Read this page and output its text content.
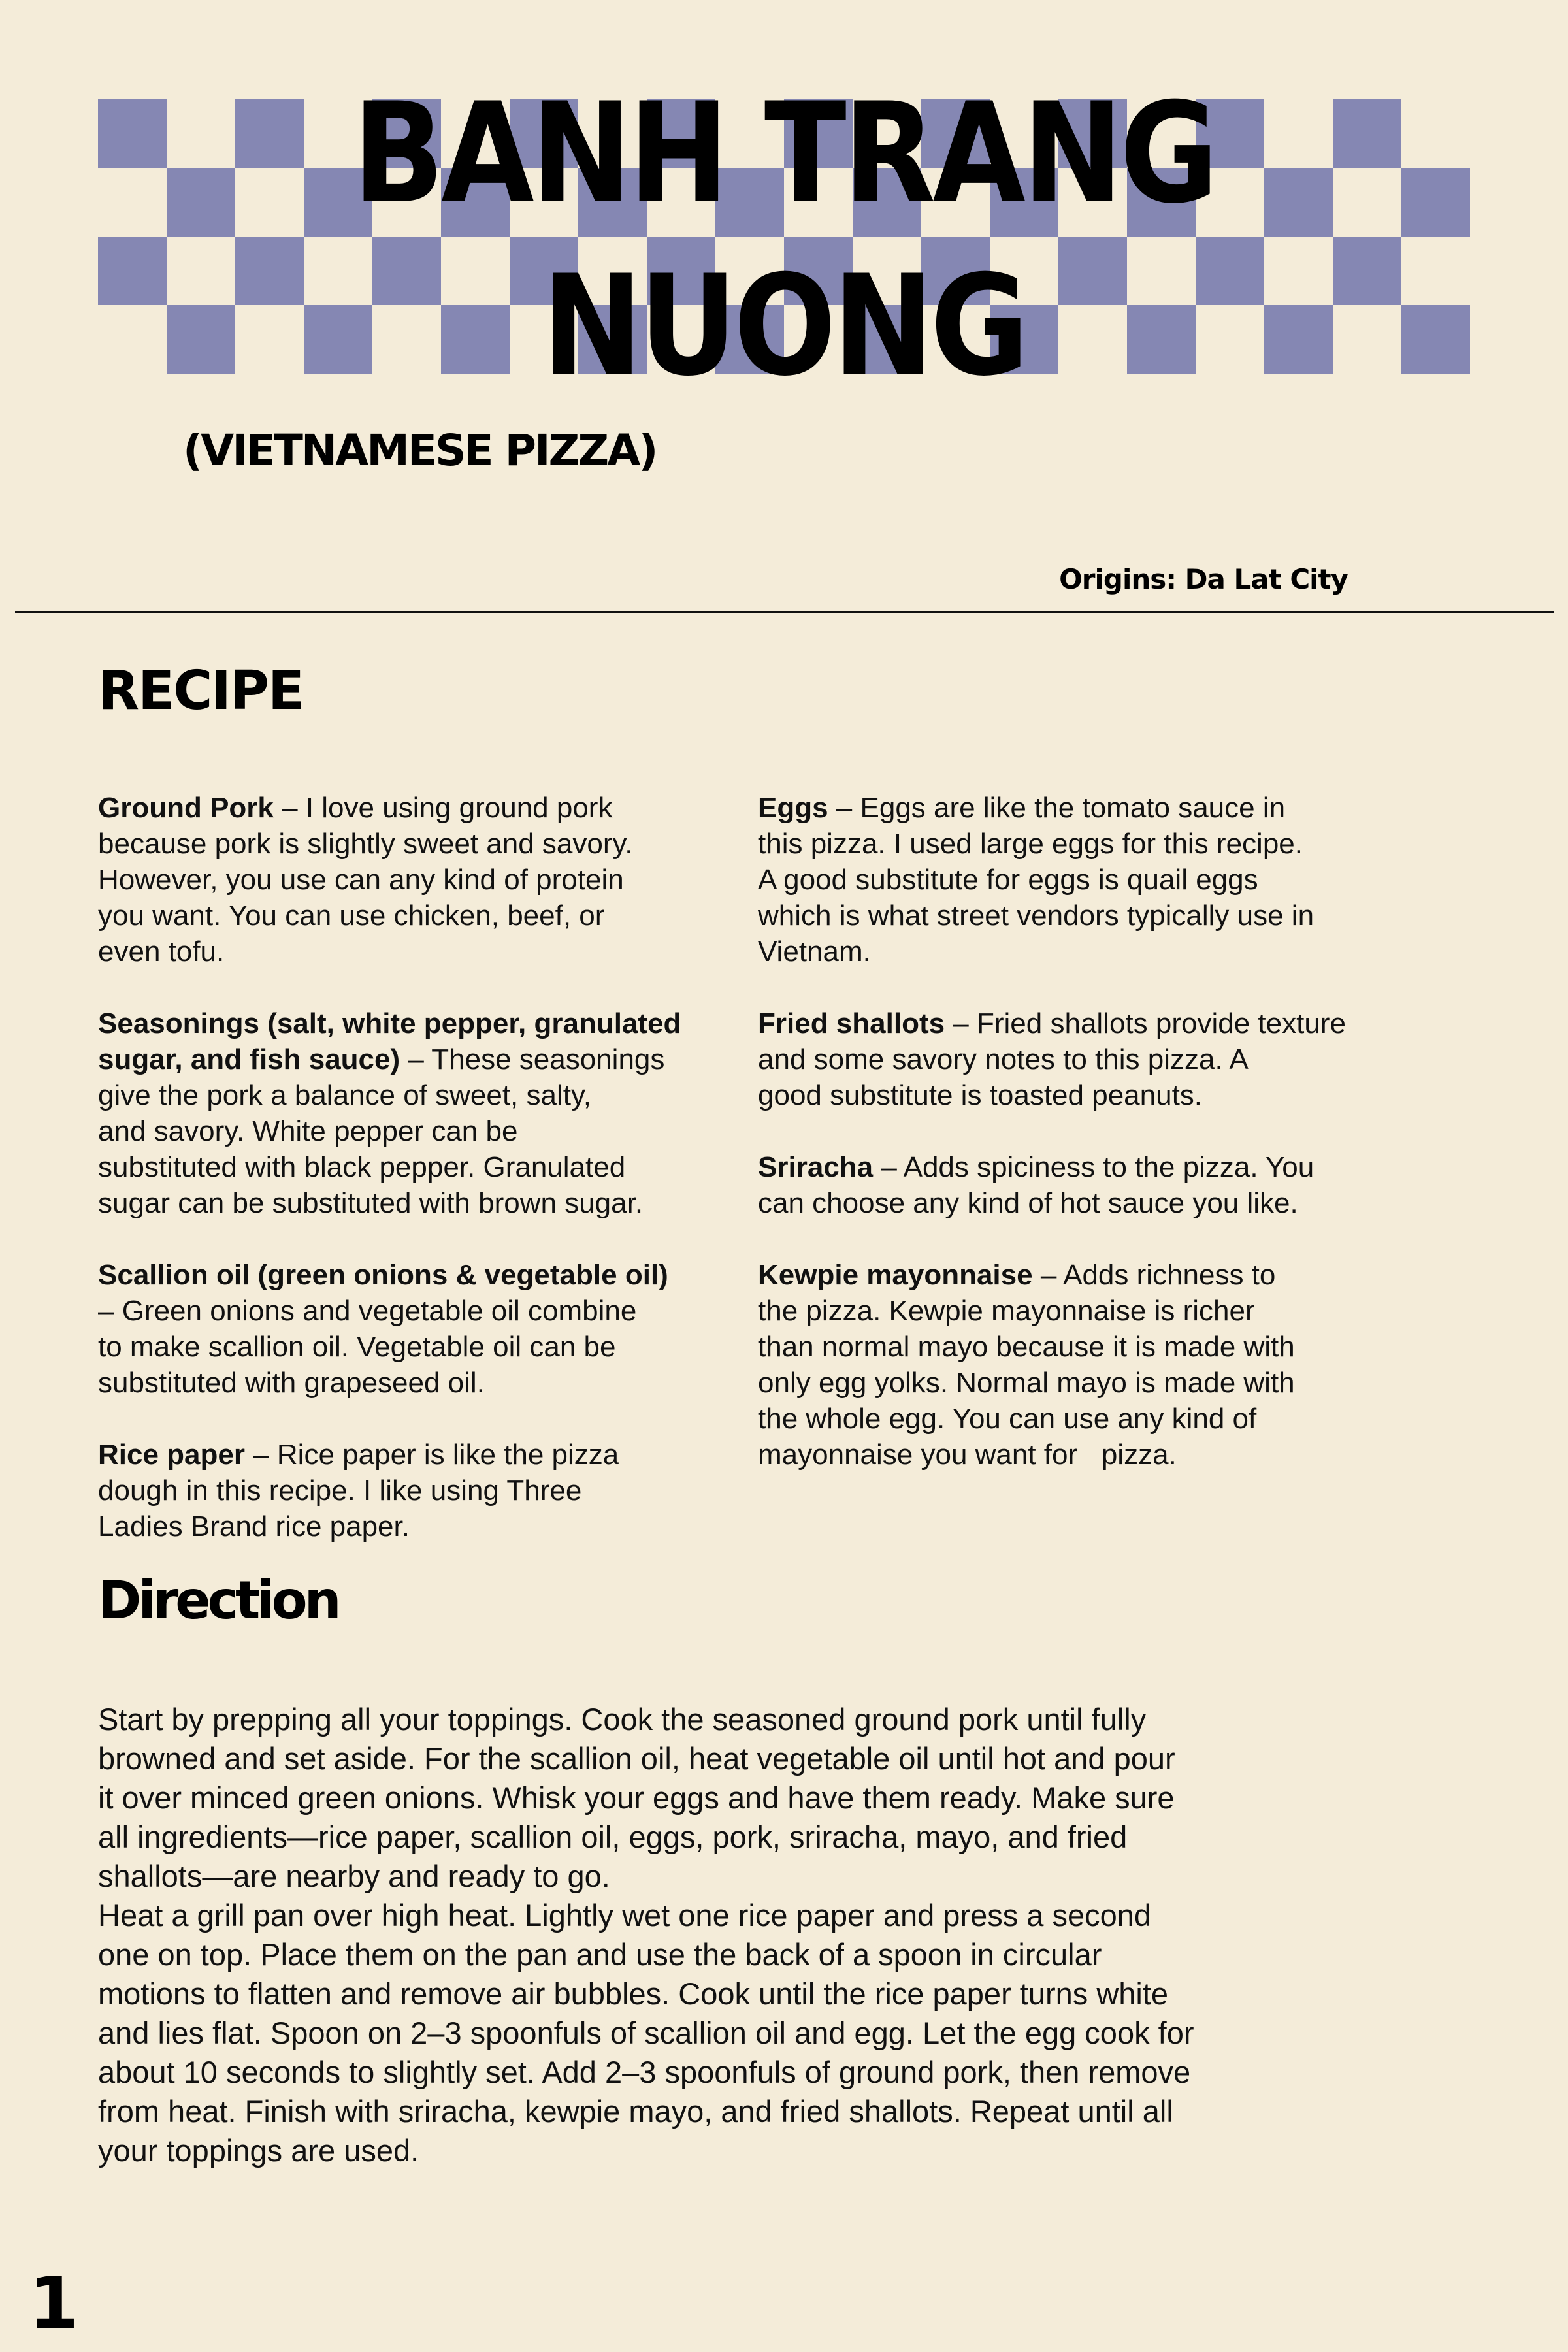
BANH TRANG
NUONG
(VIETNAMESE PIZZA)
Origins: Da Lat City
RECIPE
Ground Pork – I love using ground pork
because pork is slightly sweet and savory.
However, you use can any kind of protein
you want. You can use chicken, beef, or
even tofu.
Seasonings (salt, white pepper, granulated
sugar, and fish sauce) – These seasonings
give the pork a balance of sweet, salty,
and savory. White pepper can be
substituted with black pepper. Granulated
sugar can be substituted with brown sugar.
Scallion oil (green onions & vegetable oil)
– Green onions and vegetable oil combine
to make scallion oil. Vegetable oil can be
substituted with grapeseed oil.
Rice paper – Rice paper is like the pizza
dough in this recipe. I like using Three
Ladies Brand rice paper.
Eggs – Eggs are like the tomato sauce in
this pizza. I used large eggs for this recipe.
A good substitute for eggs is quail eggs
which is what street vendors typically use in
Vietnam.
Fried shallots – Fried shallots provide texture
and some savory notes to this pizza. A
good substitute is toasted peanuts.
Sriracha – Adds spiciness to the pizza. You
can choose any kind of hot sauce you like.
Kewpie mayonnaise – Adds richness to
the pizza. Kewpie mayonnaise is richer
than normal mayo because it is made with
only egg yolks. Normal mayo is made with
the whole egg. You can use any kind of
mayonnaise you want for   pizza.
Direction
Start by prepping all your toppings. Cook the seasoned ground pork until fully
browned and set aside. For the scallion oil, heat vegetable oil until hot and pour
it over minced green onions. Whisk your eggs and have them ready. Make sure
all ingredients—rice paper, scallion oil, eggs, pork, sriracha, mayo, and fried
shallots—are nearby and ready to go.
Heat a grill pan over high heat. Lightly wet one rice paper and press a second
one on top. Place them on the pan and use the back of a spoon in circular
motions to flatten and remove air bubbles. Cook until the rice paper turns white
and lies flat. Spoon on 2–3 spoonfuls of scallion oil and egg. Let the egg cook for
about 10 seconds to slightly set. Add 2–3 spoonfuls of ground pork, then remove
from heat. Finish with sriracha, kewpie mayo, and fried shallots. Repeat until all
your toppings are used.
1
